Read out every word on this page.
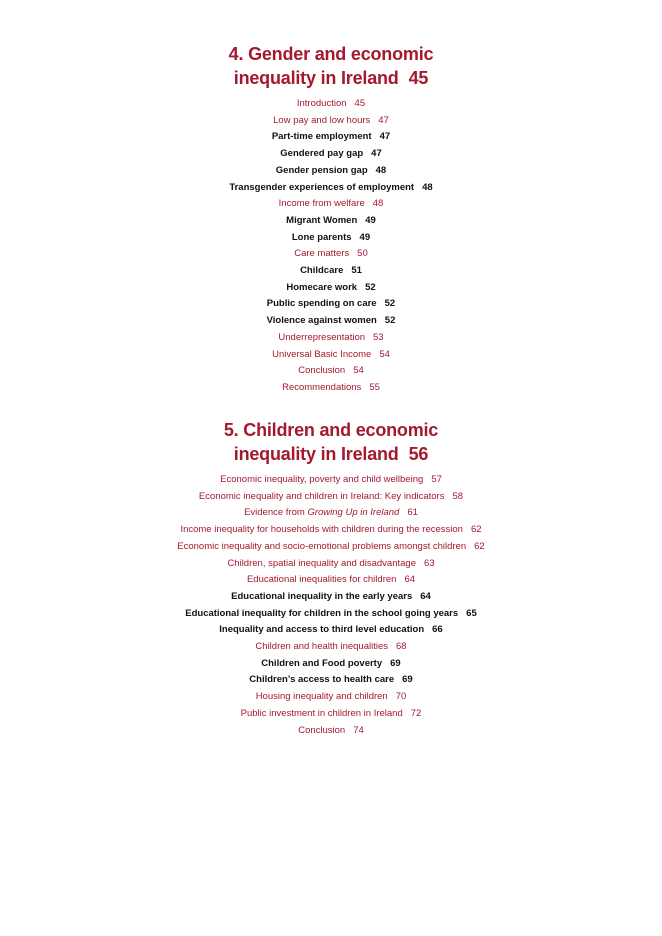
4. Gender and economic
inequality in Ireland 45
Introduction 45
Low pay and low hours 47
Part-time employment 47
Gendered pay gap 47
Gender pension gap 48
Transgender experiences of employment 48
Income from welfare 48
Migrant Women 49
Lone parents 49
Care matters 50
Childcare 51
Homecare work 52
Public spending on care 52
Violence against women 52
Underrepresentation 53
Universal Basic Income 54
Conclusion 54
Recommendations 55
5. Children and economic
inequality in Ireland 56
Economic inequality, poverty and child wellbeing 57
Economic inequality and children in Ireland: Key indicators 58
Evidence from Growing Up in Ireland 61
Income inequality for households with children during the recession 62
Economic inequality and socio-emotional problems amongst children 62
Children, spatial inequality and disadvantage 63
Educational inequalities for children 64
Educational inequality in the early years 64
Educational inequality for children in the school going years 65
Inequality and access to third level education 66
Children and health inequalities 68
Children and Food poverty 69
Children’s access to health care 69
Housing inequality and children 70
Public investment in children in Ireland 72
Conclusion 74
